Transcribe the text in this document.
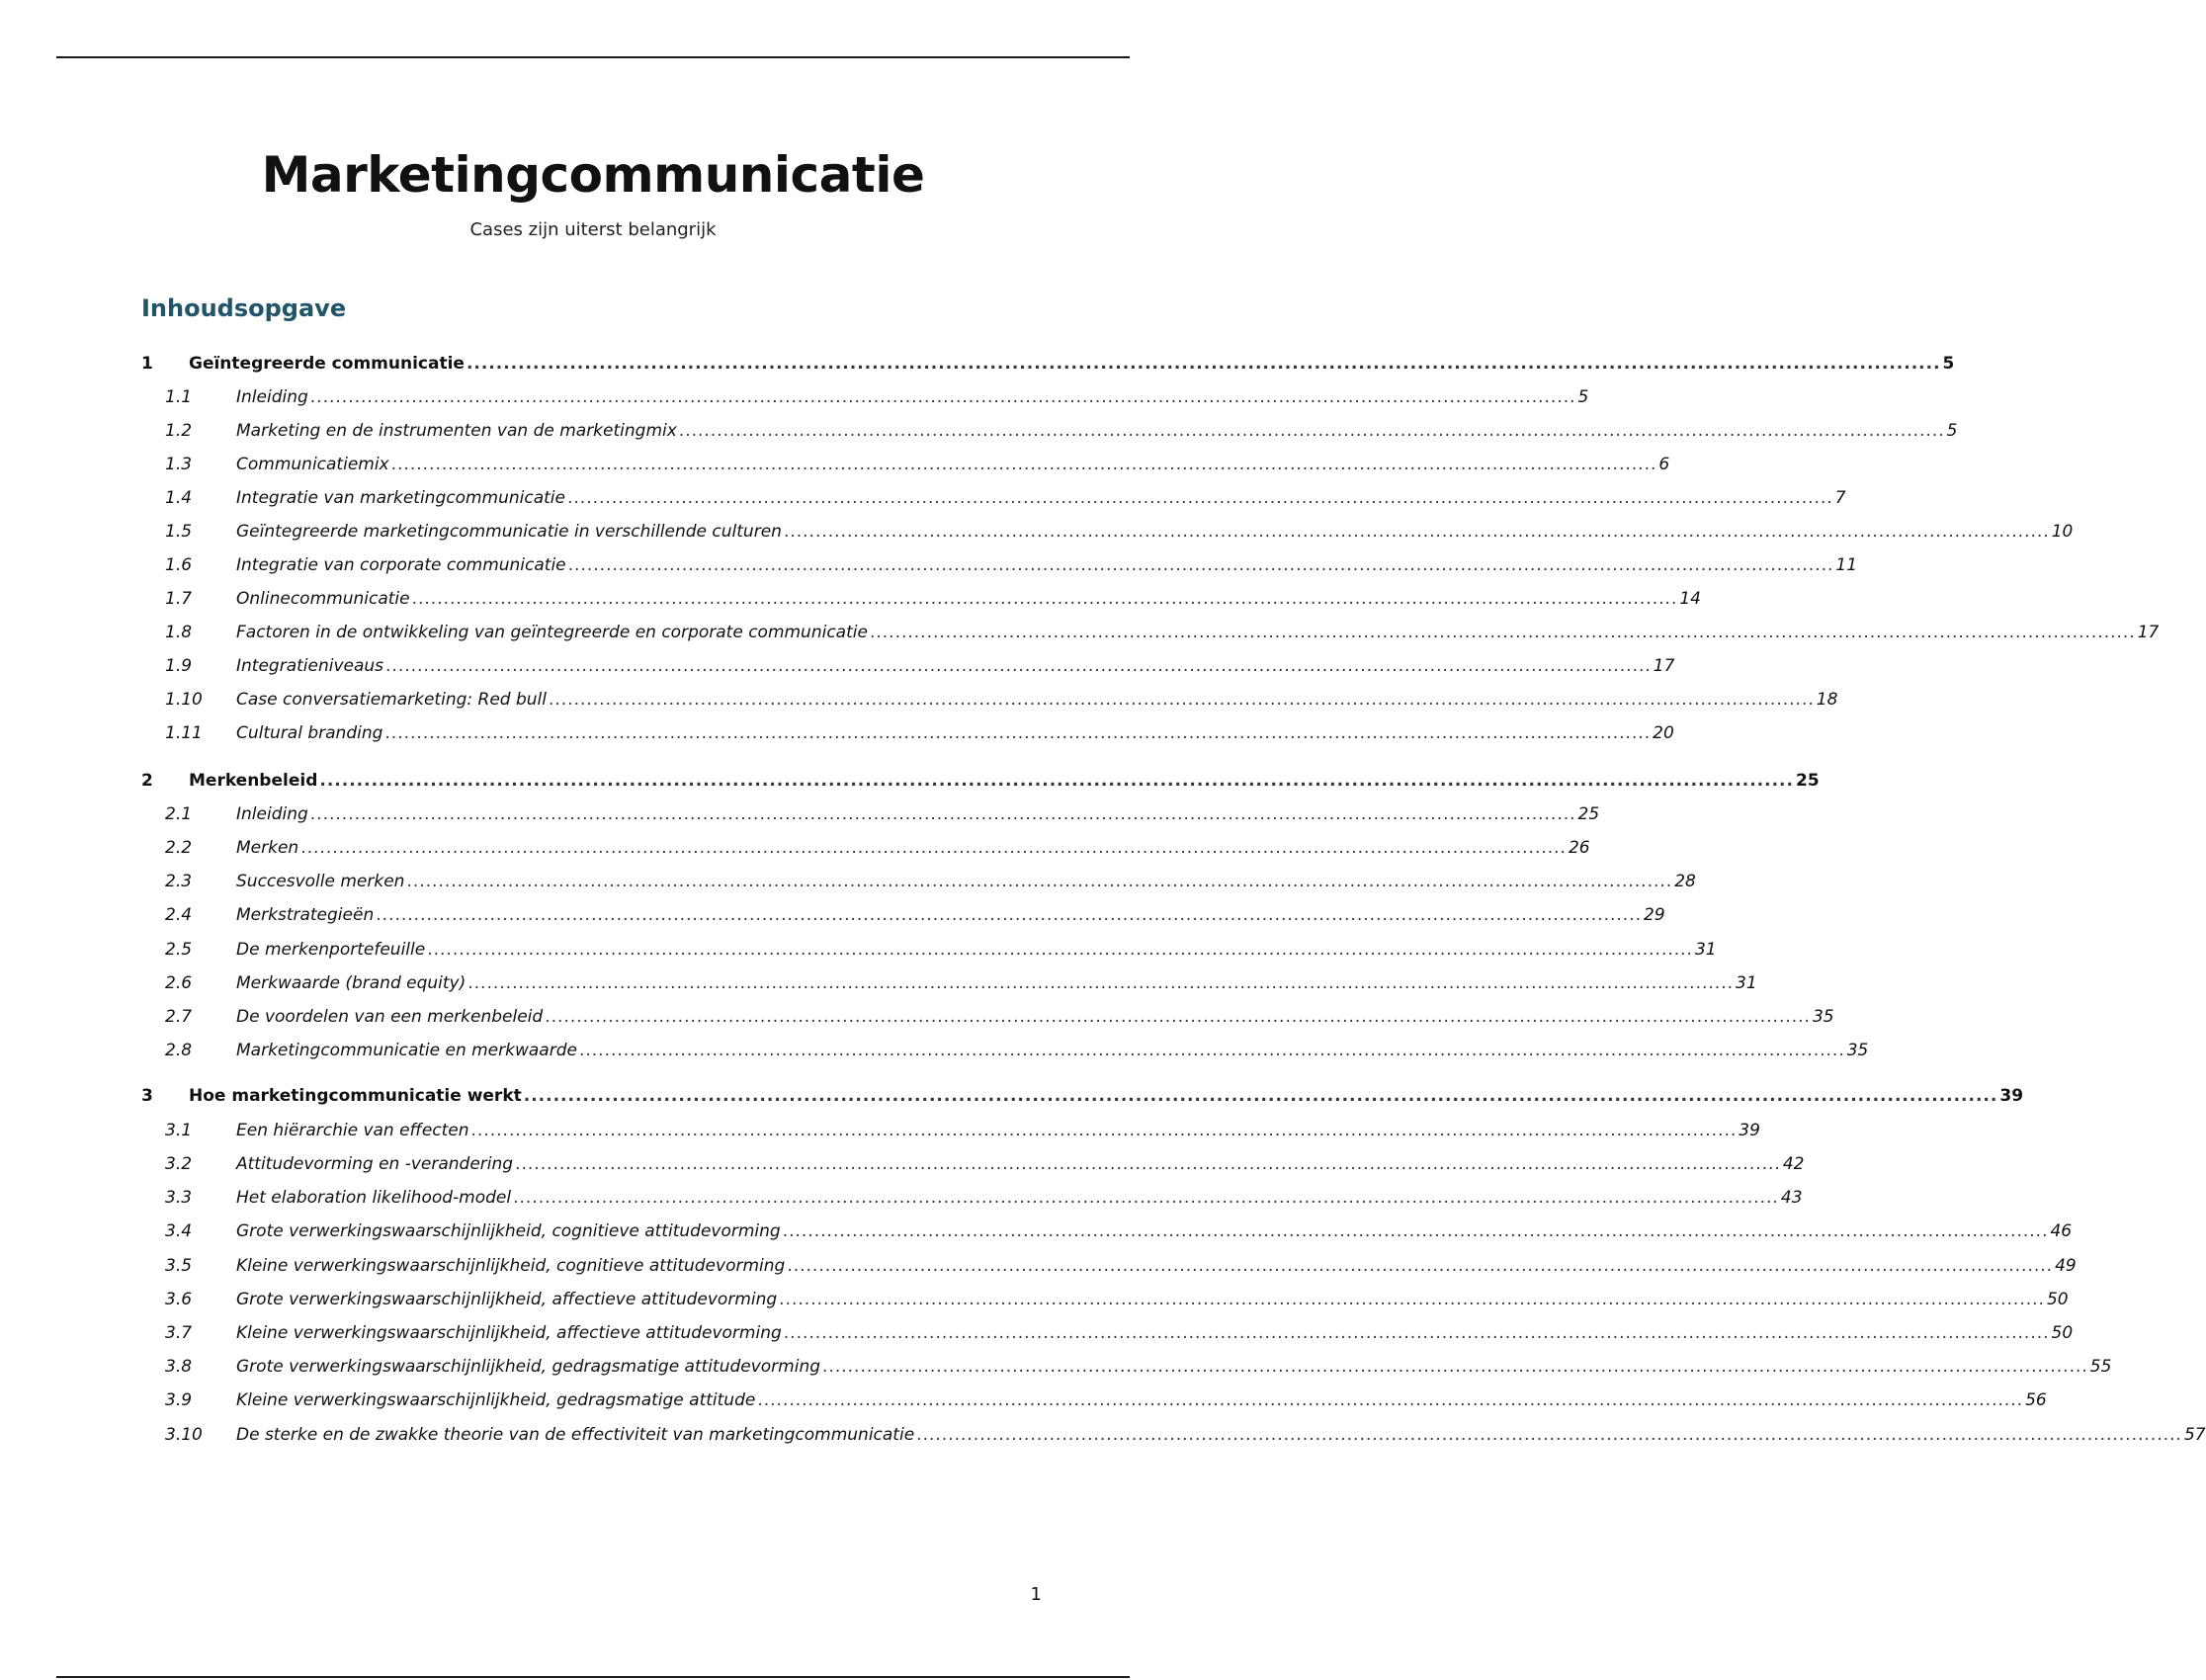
Marketingcommunicatie
Cases zijn uiterst belangrijk
Inhoudsopgave
1	Geïntegreerde communicatie ........................................................................................................................................................................................................ 5
1.1	Inleiding ........................................................................................................................................................................................................ 5
1.2	Marketing en de instrumenten van de marketingmix ........................................................................................................................................................................................................ 5
1.3	Communicatiemix ........................................................................................................................................................................................................ 6
1.4	Integratie van marketingcommunicatie ........................................................................................................................................................................................................ 7
1.5	Geïntegreerde marketingcommunicatie in verschillende culturen ........................................................................................................................................................................................................ 10
1.6	Integratie van corporate communicatie ........................................................................................................................................................................................................ 11
1.7	Onlinecommunicatie ........................................................................................................................................................................................................ 14
1.8	Factoren in de ontwikkeling van geïntegreerde en corporate communicatie ........................................................................................................................................................................................................ 17
1.9	Integratieniveaus ........................................................................................................................................................................................................ 17
1.10	Case conversatiemarketing: Red bull ........................................................................................................................................................................................................ 18
1.11	Cultural branding ........................................................................................................................................................................................................ 20
2	Merkenbeleid ........................................................................................................................................................................................................ 25
2.1	Inleiding ........................................................................................................................................................................................................ 25
2.2	Merken ........................................................................................................................................................................................................ 26
2.3	Succesvolle merken ........................................................................................................................................................................................................ 28
2.4	Merkstrategieën ........................................................................................................................................................................................................ 29
2.5	De merkenportefeuille ........................................................................................................................................................................................................ 31
2.6	Merkwaarde (brand equity) ........................................................................................................................................................................................................ 31
2.7	De voordelen van een merkenbeleid ........................................................................................................................................................................................................ 35
2.8	Marketingcommunicatie en merkwaarde ........................................................................................................................................................................................................ 35
3	Hoe marketingcommunicatie werkt ........................................................................................................................................................................................................ 39
3.1	Een hiërarchie van effecten ........................................................................................................................................................................................................ 39
3.2	Attitudevorming en -verandering ........................................................................................................................................................................................................ 42
3.3	Het elaboration likelihood-model ........................................................................................................................................................................................................ 43
3.4	Grote verwerkingswaarschijnlijkheid, cognitieve attitudevorming ........................................................................................................................................................................................................ 46
3.5	Kleine verwerkingswaarschijnlijkheid, cognitieve attitudevorming ........................................................................................................................................................................................................ 49
3.6	Grote verwerkingswaarschijnlijkheid, affectieve attitudevorming ........................................................................................................................................................................................................ 50
3.7	Kleine verwerkingswaarschijnlijkheid, affectieve attitudevorming ........................................................................................................................................................................................................ 50
3.8	Grote verwerkingswaarschijnlijkheid, gedragsmatige attitudevorming ........................................................................................................................................................................................................ 55
3.9	Kleine verwerkingswaarschijnlijkheid, gedragsmatige attitude ........................................................................................................................................................................................................ 56
3.10	De sterke en de zwakke theorie van de effectiviteit van marketingcommunicatie ........................................................................................................................................................................................................ 57
1
